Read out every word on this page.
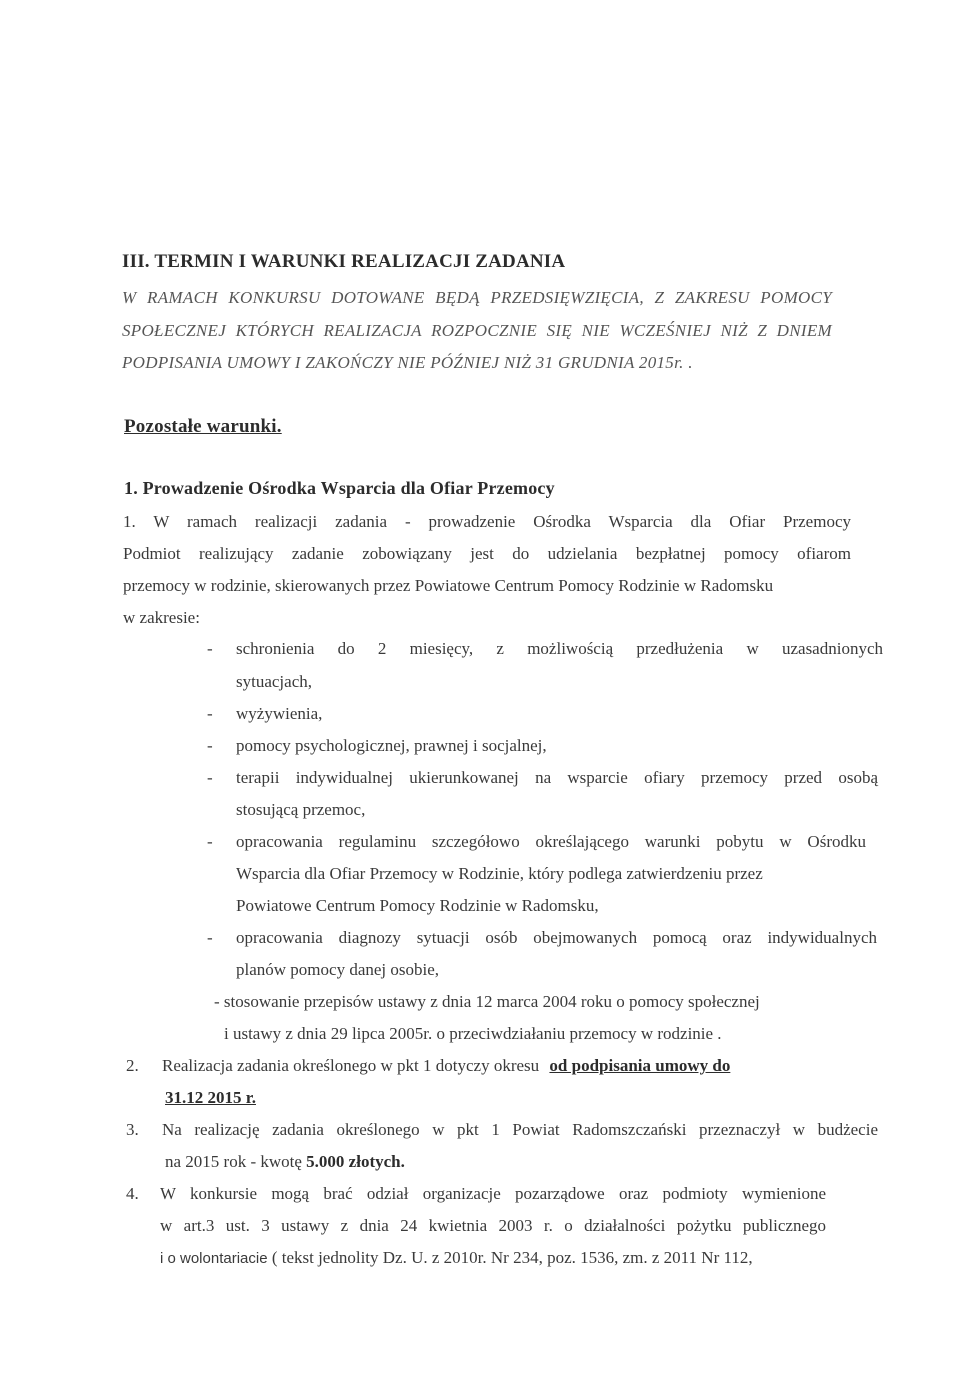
III. TERMIN I WARUNKI REALIZACJI ZADANIA
W RAMACH KONKURSU DOTOWANE BĘDĄ PRZEDSIĘWZIĘCIA, Z ZAKRESU POMOCY
SPOŁECZNEJ KTÓRYCH REALIZACJA ROZPOCZNIE SIĘ NIE WCZEŚNIEJ NIŻ Z DNIEM
PODPISANIA UMOWY I ZAKOŃCZY NIE PÓŹNIEJ NIŻ 31 GRUDNIA 2015r. .
Pozostałe warunki.
1. Prowadzenie Ośrodka Wsparcia dla Ofiar Przemocy
1. W ramach realizacji zadania - prowadzenie Ośrodka Wsparcia dla Ofiar Przemocy
Podmiot realizujący zadanie zobowiązany jest do udzielania bezpłatnej pomocy ofiarom
przemocy w rodzinie, skierowanych przez Powiatowe Centrum Pomocy Rodzinie w Radomsku
w zakresie:
- schronienia do 2 miesięcy, z możliwością przedłużenia w uzasadnionych
sytuacjach,
- wyżywienia,
- pomocy psychologicznej, prawnej i socjalnej,
- terapii indywidualnej ukierunkowanej na wsparcie ofiary przemocy przed osobą
stosującą przemoc,
- opracowania regulaminu szczegółowo określającego warunki pobytu w Ośrodku
Wsparcia dla Ofiar Przemocy w Rodzinie, który podlega zatwierdzeniu przez
Powiatowe Centrum Pomocy Rodzinie w Radomsku,
- opracowania diagnozy sytuacji osób obejmowanych pomocą oraz indywidualnych
planów pomocy danej osobie,
- stosowanie przepisów ustawy z dnia 12 marca 2004 roku o pomocy społecznej
i ustawy z dnia 29 lipca 2005r. o przeciwdziałaniu przemocy w rodzinie .
2. Realizacja zadania określonego w pkt 1 dotyczy okresu od podpisania umowy do
31.12 2015 r.
3. Na realizację zadania określonego w pkt 1 Powiat Radomszczański przeznaczył w budżecie
na 2015 rok - kwotę 5.000 złotych.
4. W konkursie mogą brać odział organizacje pozarządowe oraz podmioty wymienione
w art.3 ust. 3 ustawy z dnia 24 kwietnia 2003 r. o działalności pożytku publicznego
i o wolontariacie ( tekst jednolity Dz. U. z 2010r. Nr 234, poz. 1536, zm. z 2011 Nr 112,
